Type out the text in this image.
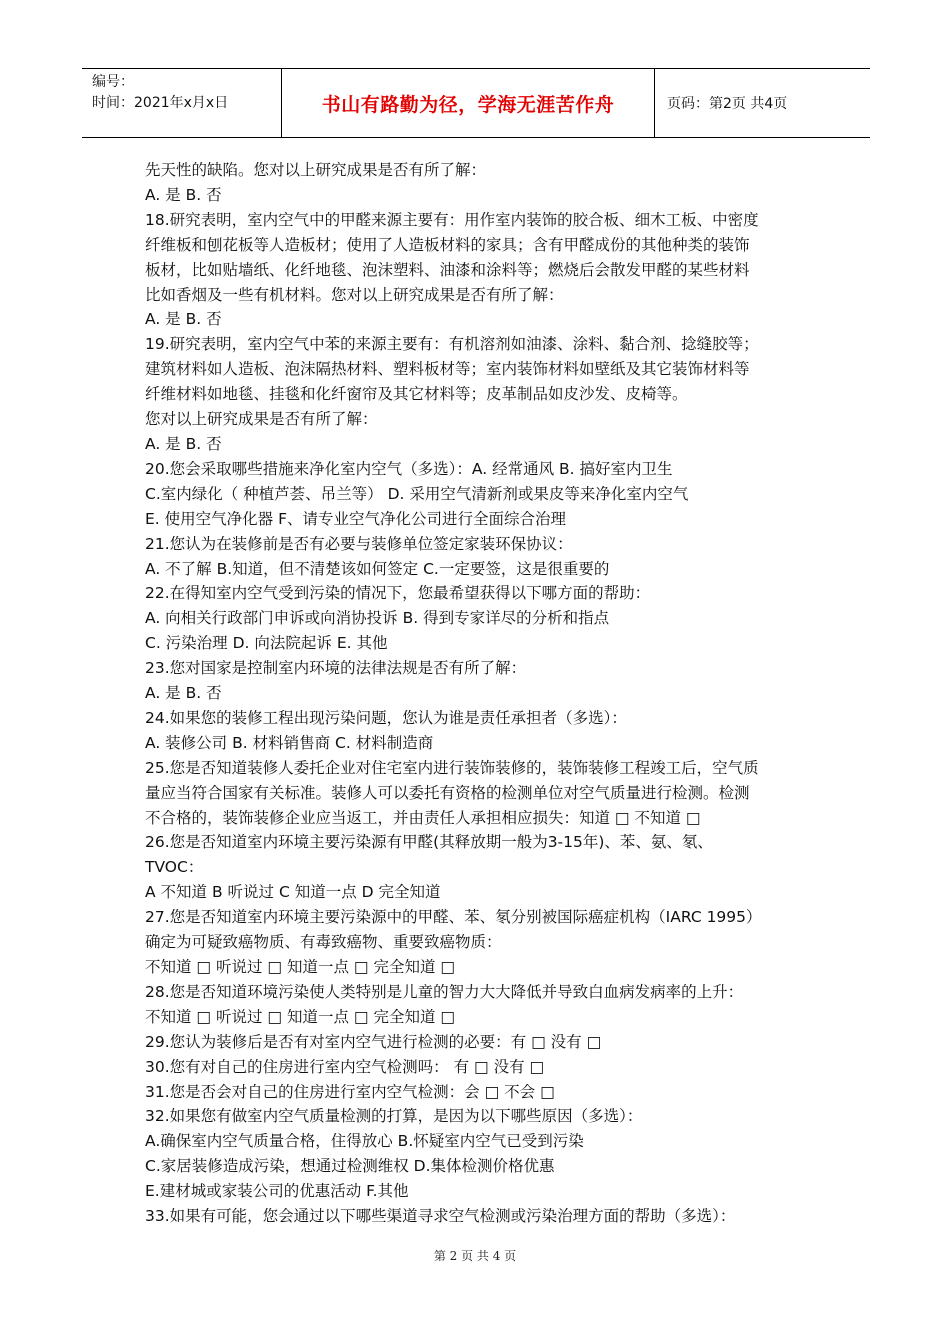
编号：
时间：2021年x月x日	书山有路勤为径，学海无涯苦作舟	页码：第2页 共4页
先天性的缺陷。您对以上研究成果是否有所了解：
A. 是 B. 否
18.研究表明，室内空气中的甲醛来源主要有：用作室内装饰的胶合板、细木工板、中密度
纤维板和刨花板等人造板材；使用了人造板材料的家具；含有甲醛成份的其他种类的装饰
板材，比如贴墙纸、化纤地毯、泡沫塑料、油漆和涂料等；燃烧后会散发甲醛的某些材料
比如香烟及一些有机材料。您对以上研究成果是否有所了解：
A. 是 B. 否
19.研究表明，室内空气中苯的来源主要有：有机溶剂如油漆、涂料、黏合剂、捻缝胶等；
建筑材料如人造板、泡沫隔热材料、塑料板材等；室内装饰材料如壁纸及其它装饰材料等
纤维材料如地毯、挂毯和化纤窗帘及其它材料等；皮革制品如皮沙发、皮椅等。
您对以上研究成果是否有所了解：
A. 是 B. 否
20.您会采取哪些措施来净化室内空气（多选）：A. 经常通风 B. 搞好室内卫生
C.室内绿化（ 种植芦荟、吊兰等） D. 采用空气清新剂或果皮等来净化室内空气
E. 使用空气净化器 F、请专业空气净化公司进行全面综合治理
21.您认为在装修前是否有必要与装修单位签定家装环保协议：
A. 不了解 B.知道，但不清楚该如何签定 C.一定要签，这是很重要的
22.在得知室内空气受到污染的情况下，您最希望获得以下哪方面的帮助：
A. 向相关行政部门申诉或向消协投诉 B. 得到专家详尽的分析和指点
C. 污染治理 D. 向法院起诉 E. 其他
23.您对国家是控制室内环境的法律法规是否有所了解：
A. 是 B. 否
24.如果您的装修工程出现污染问题，您认为谁是责任承担者（多选）：
A. 装修公司 B. 材料销售商 C. 材料制造商
25.您是否知道装修人委托企业对住宅室内进行装饰装修的，装饰装修工程竣工后，空气质
量应当符合国家有关标准。装修人可以委托有资格的检测单位对空气质量进行检测。检测
不合格的，装饰装修企业应当返工，并由责任人承担相应损失：知道 □ 不知道 □
26.您是否知道室内环境主要污染源有甲醛(其释放期一般为3-15年)、苯、氨、氡、
TVOC：
A 不知道 B 听说过 C 知道一点 D 完全知道
27.您是否知道室内环境主要污染源中的甲醛、苯、氡分别被国际癌症机构（IARC 1995）
确定为可疑致癌物质、有毒致癌物、重要致癌物质：
不知道 □ 听说过 □ 知道一点 □ 完全知道 □
28.您是否知道环境污染使人类特别是儿童的智力大大降低并导致白血病发病率的上升：
不知道 □ 听说过 □ 知道一点 □ 完全知道 □
29.您认为装修后是否有对室内空气进行检测的必要：有 □ 没有 □
30.您有对自己的住房进行室内空气检测吗： 有 □ 没有 □
31.您是否会对自己的住房进行室内空气检测：会 □ 不会 □
32.如果您有做室内空气质量检测的打算，是因为以下哪些原因（多选）：
A.确保室内空气质量合格，住得放心 B.怀疑室内空气已受到污染
C.家居装修造成污染，想通过检测维权 D.集体检测价格优惠
E.建材城或家装公司的优惠活动 F.其他
33.如果有可能，您会通过以下哪些渠道寻求空气检测或污染治理方面的帮助（多选）：
第 2 页 共 4 页
